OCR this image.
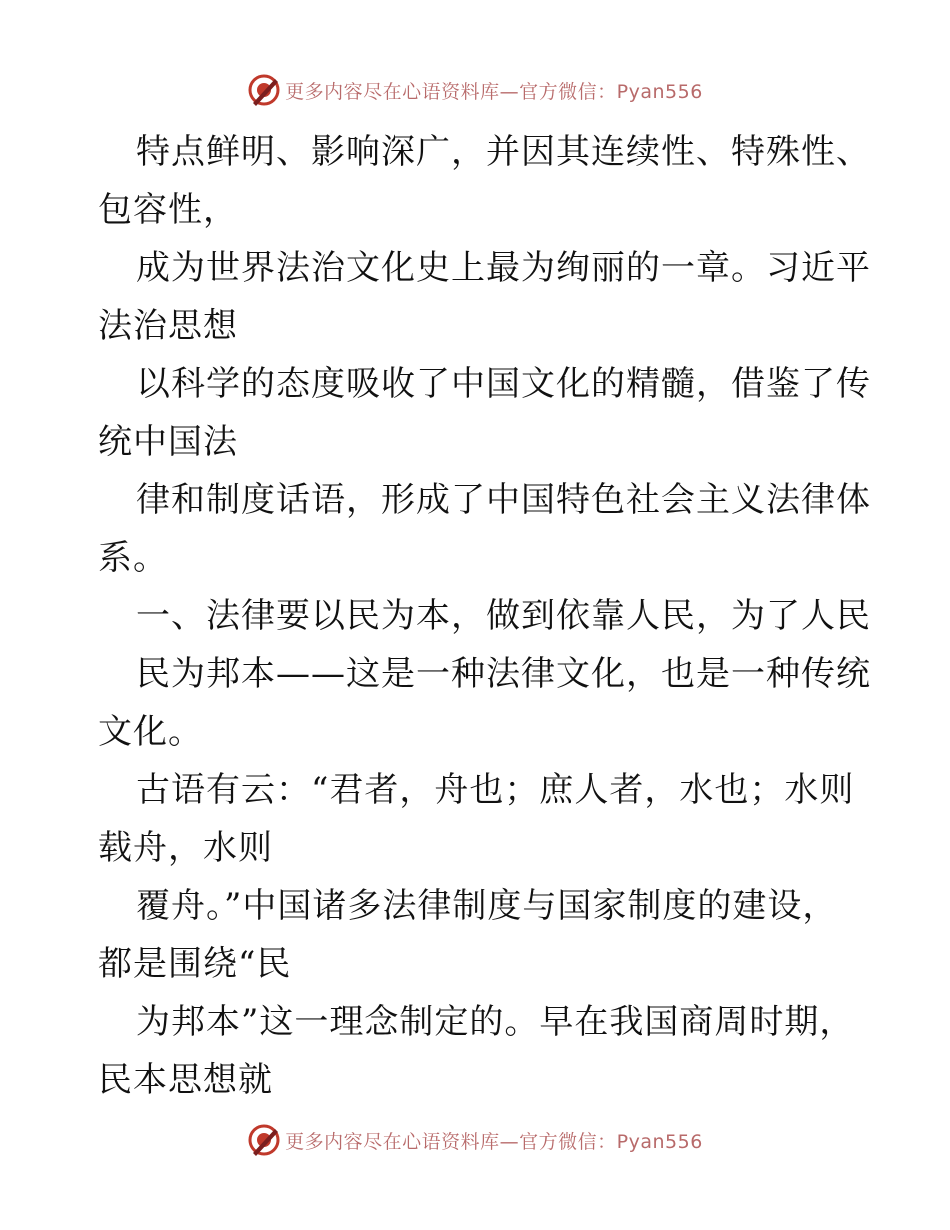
更多内容尽在心语资料库—官方微信：Pyan556
特点鲜明、影响深广，并因其连续性、特殊性、
包容性，
成为世界法治文化史上最为绚丽的一章。习近平
法治思想
以科学的态度吸收了中国文化的精髓，借鉴了传
统中国法
律和制度话语，形成了中国特色社会主义法律体
系。
一、法律要以民为本，做到依靠人民，为了人民
民为邦本——这是一种法律文化，也是一种传统
文化。
古语有云：“君者，舟也；庶人者，水也；水则
载舟，水则
覆舟。”中国诸多法律制度与国家制度的建设，
都是围绕“民
为邦本”这一理念制定的。早在我国商周时期，
民本思想就
更多内容尽在心语资料库—官方微信：Pyan556
